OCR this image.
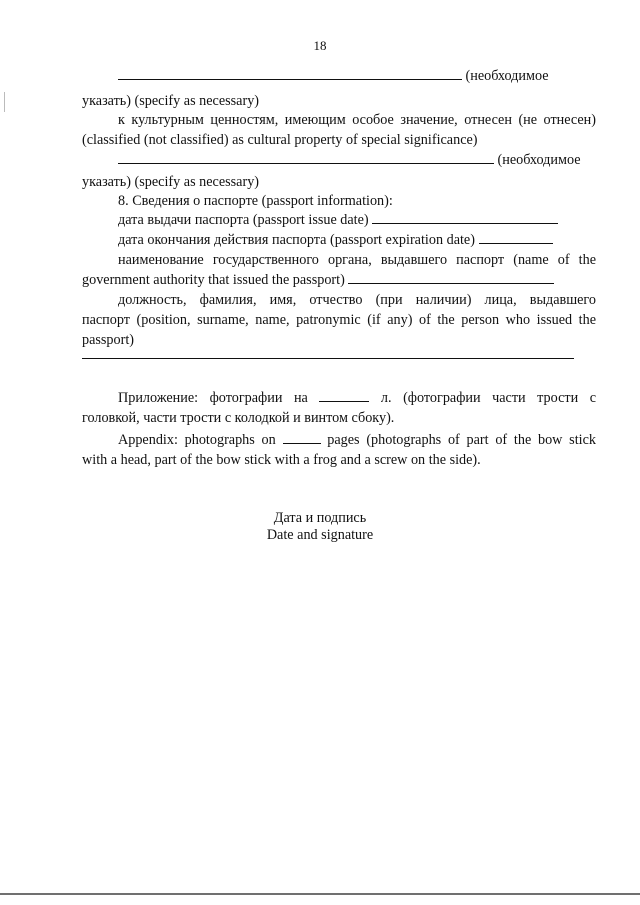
18
(необходимое
указать) (specify as necessary)
к культурным ценностям, имеющим особое значение, отнесен (не отнесен)
(classified (not classified) as cultural property of special significance)
(необходимое
указать) (specify as necessary)
8. Сведения о паспорте (passport information):
дата выдачи паспорта (passport issue date)
дата окончания действия паспорта (passport expiration date)
наименование государственного органа, выдавшего паспорт (name of the
government authority that issued the passport)
должность, фамилия, имя, отчество (при наличии) лица, выдавшего
паспорт (position, surname, name, patronymic (if any) of the person who issued the
passport)
Приложение: фотографии на	л. (фотографии части трости с
головкой, части трости с колодкой и винтом сбоку).
Appendix: photographs on	pages (photographs of part of the bow stick
with a head, part of the bow stick with a frog and a screw on the side).
Дата и подпись
Date and signature
